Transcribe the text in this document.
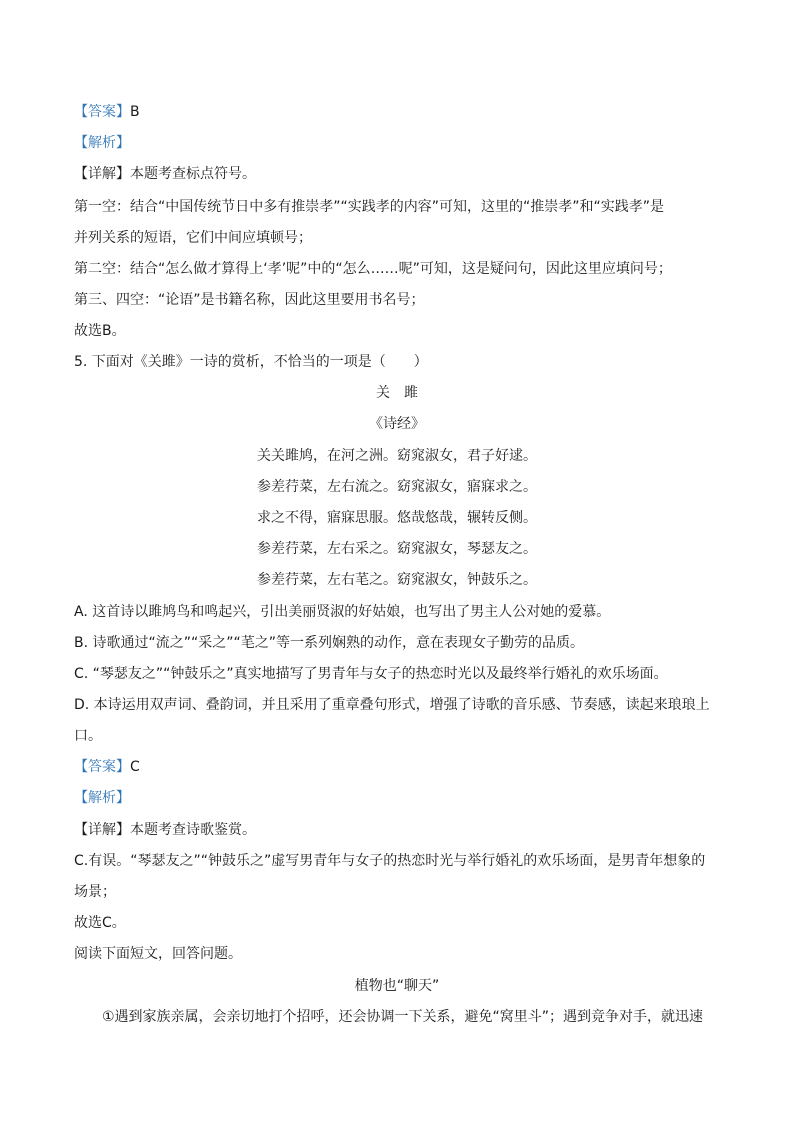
【答案】B
【解析】
【详解】本题考查标点符号。
第一空：结合“中国传统节日中多有推崇孝”“实践孝的内容”可知，这里的“推崇孝”和“实践孝”是
并列关系的短语，它们中间应填顿号；
第二空：结合“怎么做才算得上‘孝’呢”中的“怎么……呢”可知，这是疑问句，因此这里应填问号；
第三、四空：“论语”是书籍名称，因此这里要用书名号；
故选B。
5. 下面对《关雎》一诗的赏析，不恰当的一项是（　　）
关　雎
《诗经》
关关雎鸠，在河之洲。窈窕淑女，君子好逑。
参差荇菜，左右流之。窈窕淑女，寤寐求之。
求之不得，寤寐思服。悠哉悠哉，辗转反侧。
参差荇菜，左右采之。窈窕淑女，琴瑟友之。
参差荇菜，左右芼之。窈窕淑女，钟鼓乐之。
A. 这首诗以雎鸠鸟和鸣起兴，引出美丽贤淑的好姑娘，也写出了男主人公对她的爱慕。
B. 诗歌通过“流之”“采之”“芼之”等一系列娴熟的动作，意在表现女子勤劳的品质。
C. “琴瑟友之”“钟鼓乐之”真实地描写了男青年与女子的热恋时光以及最终举行婚礼的欢乐场面。
D. 本诗运用双声词、叠韵词，并且采用了重章叠句形式，增强了诗歌的音乐感、节奏感，读起来琅琅上
口。
【答案】C
【解析】
【详解】本题考查诗歌鉴赏。
C.有误。“琴瑟友之”“钟鼓乐之”虚写男青年与女子的热恋时光与举行婚礼的欢乐场面，是男青年想象的
场景；
故选C。
阅读下面短文，回答问题。
植物也“聊天”
①遇到家族亲属，会亲切地打个招呼，还会协调一下关系，避免“窝里斗”；遇到竞争对手，就迅速
